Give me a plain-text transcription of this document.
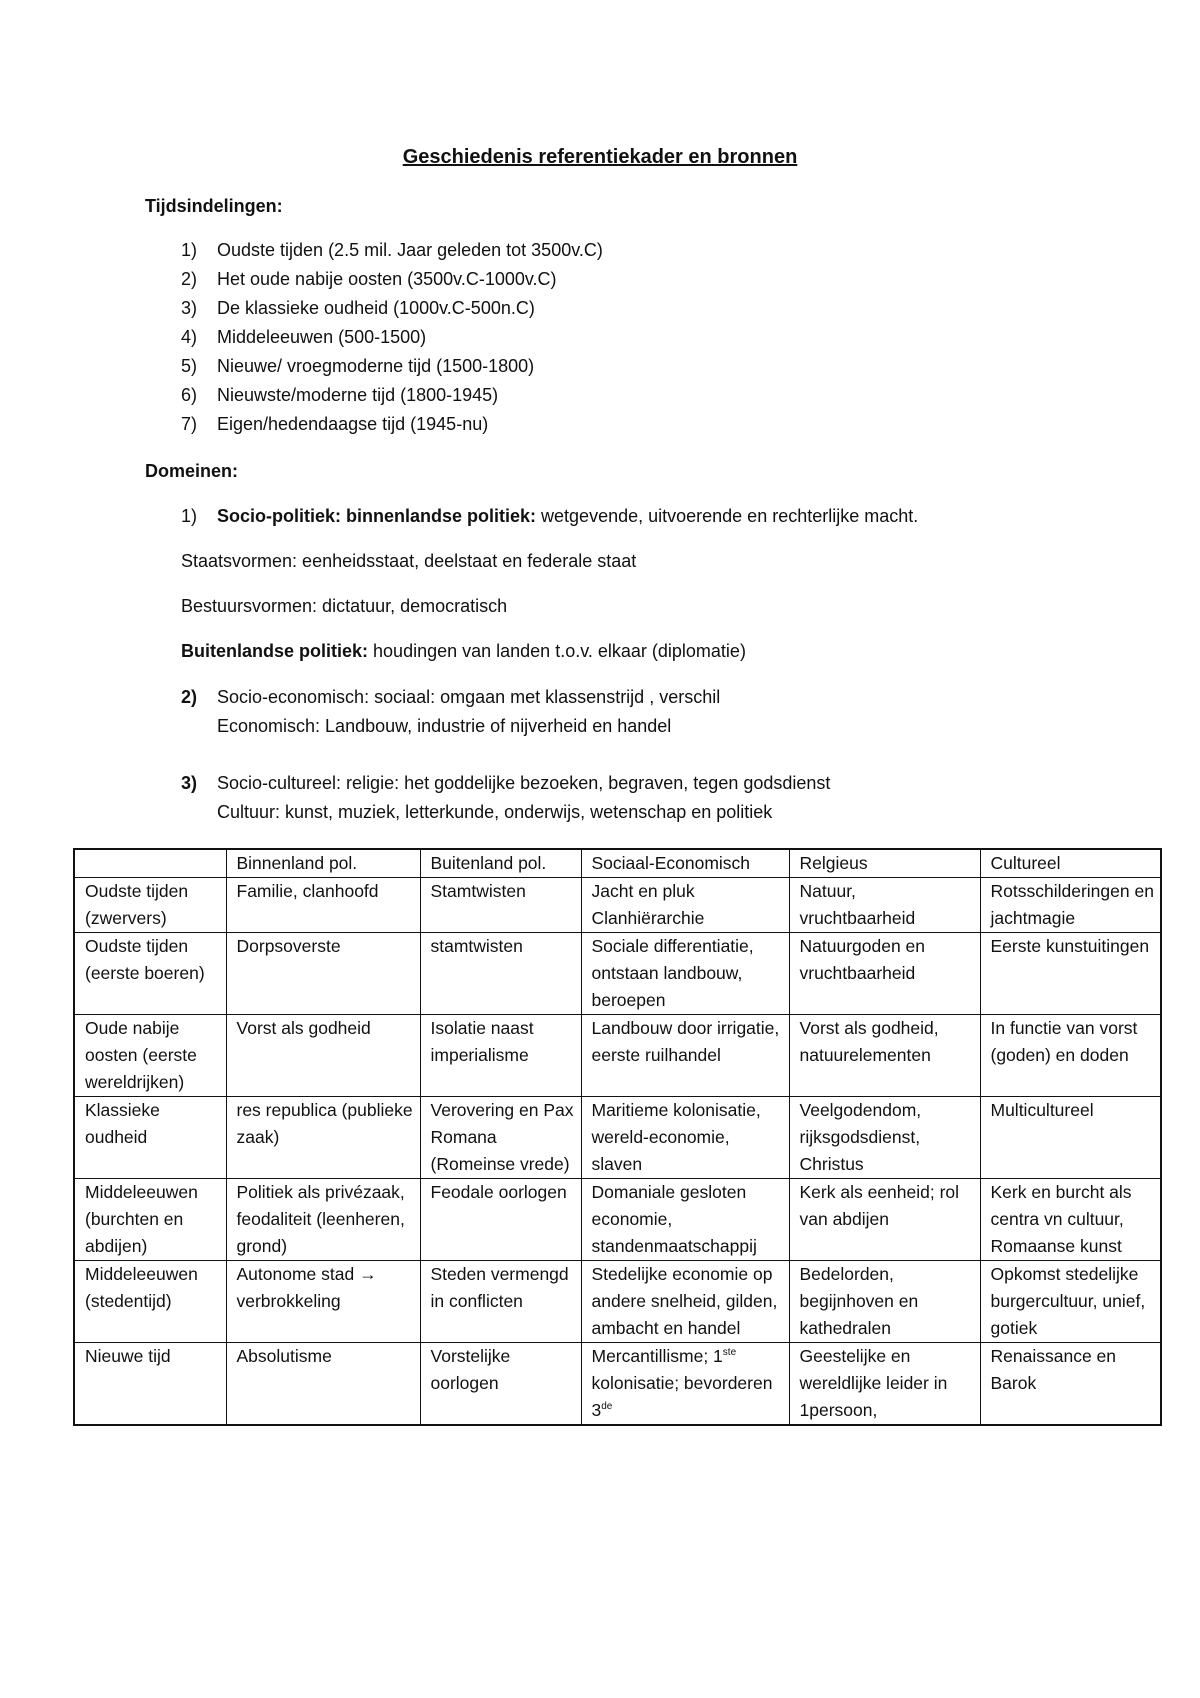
Geschiedenis referentiekader en bronnen
Tijdsindelingen:
1) Oudste tijden (2.5 mil. Jaar geleden tot 3500v.C)
2) Het oude nabije oosten (3500v.C-1000v.C)
3) De klassieke oudheid (1000v.C-500n.C)
4) Middeleeuwen (500-1500)
5) Nieuwe/ vroegmoderne tijd (1500-1800)
6) Nieuwste/moderne tijd (1800-1945)
7) Eigen/hedendaagse tijd (1945-nu)
Domeinen:
1) Socio-politiek: binnenlandse politiek: wetgevende, uitvoerende en rechterlijke macht.
Staatsvormen: eenheidsstaat, deelstaat en federale staat
Bestuursvormen: dictatuur, democratisch
Buitenlandse politiek: houdingen van landen t.o.v. elkaar (diplomatie)
2) Socio-economisch: sociaal: omgaan met klassenstrijd , verschil
Economisch: Landbouw, industrie of nijverheid en handel
3) Socio-cultureel: religie: het goddelijke bezoeken, begraven, tegen godsdienst
Cultuur: kunst, muziek, letterkunde, onderwijs, wetenschap en politiek
	Binnenland pol.	Buitenland pol.	Sociaal-Economisch	Relgieus	Cultureel
Oudste tijden (zwervers)	Familie, clanhoofd	Stamtwisten	Jacht en pluk Clanhiërarchie	Natuur, vruchtbaarheid	Rotsschilderingen en jachtmagie
Oudste tijden (eerste boeren)	Dorpsoverste	stamtwisten	Sociale differentiatie, ontstaan landbouw, beroepen	Natuurgoden en vruchtbaarheid	Eerste kunstuitingen
Oude nabije oosten (eerste wereldrijken)	Vorst als godheid	Isolatie naast imperialisme	Landbouw door irrigatie, eerste ruilhandel	Vorst als godheid, natuurelementen	In functie van vorst (goden) en doden
Klassieke oudheid	res republica (publieke zaak)	Verovering en Pax Romana (Romeinse vrede)	Maritieme kolonisatie, wereld-economie, slaven	Veelgodendom, rijksgodsdienst, Christus	Multicultureel
Middeleeuwen (burchten en abdijen)	Politiek als privézaak, feodaliteit (leenheren, grond)	Feodale oorlogen	Domaniale gesloten economie, standenmaatschappij	Kerk als eenheid; rol van abdijen	Kerk en burcht als centra vn cultuur, Romaanse kunst
Middeleeuwen (stedentijd)	Autonome stad → verbrokkeling	Steden vermengd in conflicten	Stedelijke economie op andere snelheid, gilden, ambacht en handel	Bedelorden, begijnhoven en kathedralen	Opkomst stedelijke burgercultuur, unief, gotiek
Nieuwe tijd	Absolutisme	Vorstelijke oorlogen	Mercantillisme; 1ste kolonisatie; bevorderen 3de	Geestelijke en wereldlijke leider in 1persoon,	Renaissance en Barok
